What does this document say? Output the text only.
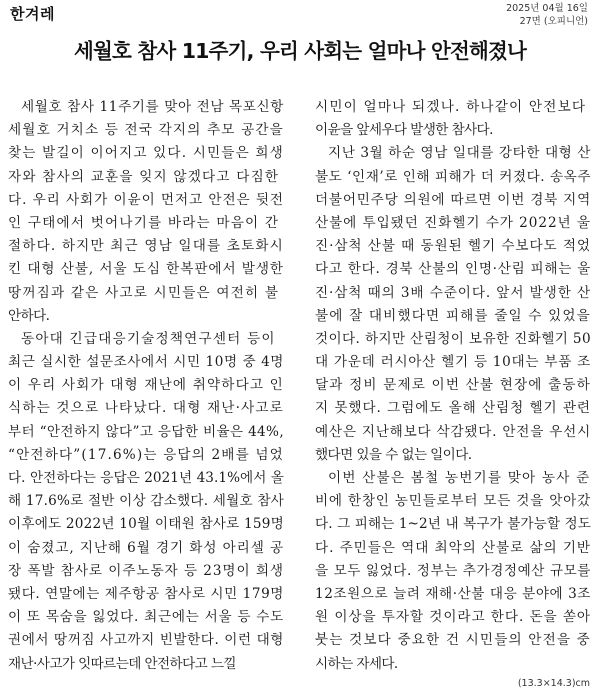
한겨레	2025년 04월 16일
27면 (오피니언)
세월호 참사 11주기, 우리 사회는 얼마나 안전해졌나
세월호 참사 11주기를 맞아 전남 목포신항
세월호 거치소 등 전국 각지의 추모 공간을
찾는 발길이 이어지고 있다. 시민들은 희생
자와 참사의 교훈을 잊지 않겠다고 다짐한
다. 우리 사회가 이윤이 먼저고 안전은 뒷전
인 구태에서 벗어나기를 바라는 마음이 간
절하다. 하지만 최근 영남 일대를 초토화시
킨 대형 산불, 서울 도심 한복판에서 발생한
땅꺼짐과 같은 사고로 시민들은 여전히 불
안하다.
동아대 긴급대응기술정책연구센터 등이
최근 실시한 설문조사에서 시민 10명 중 4명
이 우리 사회가 대형 재난에 취약하다고 인
식하는 것으로 나타났다. 대형 재난·사고로
부터 “안전하지 않다”고 응답한 비율은 44%,
“안전하다”(17.6%)는 응답의 2배를 넘었
다. 안전하다는 응답은 2021년 43.1%에서 올
해 17.6%로 절반 이상 감소했다. 세월호 참사
이후에도 2022년 10월 이태원 참사로 159명
이 숨졌고, 지난해 6월 경기 화성 아리셀 공
장 폭발 참사로 이주노동자 등 23명이 희생
됐다. 연말에는 제주항공 참사로 시민 179명
이 또 목숨을 잃었다. 최근에는 서울 등 수도
권에서 땅꺼짐 사고까지 빈발한다. 이런 대형
재난·사고가 잇따르는데 안전하다고 느낄
시민이 얼마나 되겠나. 하나같이 안전보다
이윤을 앞세우다 발생한 참사다.
지난 3월 하순 영남 일대를 강타한 대형 산
불도 ‘인재’로 인해 피해가 더 커졌다. 송옥주
더불어민주당 의원에 따르면 이번 경북 지역
산불에 투입됐던 진화헬기 수가 2022년 울
진·삼척 산불 때 동원된 헬기 수보다도 적었
다고 한다. 경북 산불의 인명·산림 피해는 울
진·삼척 때의 3배 수준이다. 앞서 발생한 산
불에 잘 대비했다면 피해를 줄일 수 있었을
것이다. 하지만 산림청이 보유한 진화헬기 50
대 가운데 러시아산 헬기 등 10대는 부품 조
달과 정비 문제로 이번 산불 현장에 출동하
지 못했다. 그럼에도 올해 산림청 헬기 관련
예산은 지난해보다 삭감됐다. 안전을 우선시
했다면 있을 수 없는 일이다.
이번 산불은 봄철 농번기를 맞아 농사 준
비에 한창인 농민들로부터 모든 것을 앗아갔
다. 그 피해는 1~2년 내 복구가 불가능할 정도
다. 주민들은 역대 최악의 산불로 삶의 기반
을 모두 잃었다. 정부는 추가경정예산 규모를
12조원으로 늘려 재해·산불 대응 분야에 3조
원 이상을 투자할 것이라고 한다. 돈을 쏟아
붓는 것보다 중요한 건 시민들의 안전을 중
시하는 자세다.
(13.3×14.3)cm
